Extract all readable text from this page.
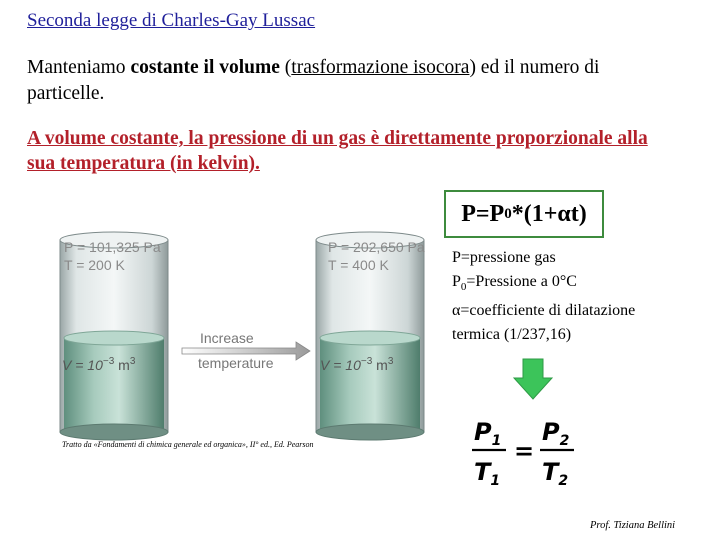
Seconda legge di Charles-Gay Lussac
Manteniamo costante il volume (trasformazione isocora) ed il numero di particelle.
A volume costante, la pressione di un gas è direttamente proporzionale alla sua temperatura (in kelvin).
P = 101,325 Pa
T = 200 K
P = 202,650 Pa
T = 400 K
$V = 10^{-3}$ $m^3$	$V = 10^{-3}$ $m^3$
Increase
temperature
Tratto da «Fondamenti di chimica generale ed organica», II° ed., Ed. Pearson
P=P 0 *(1+αt)
P=pressione gas
$P_0=Pressione$ a 0°C
α=coefficiente di dilatazione
termica (1/237,16)
$P_1$
$T_1$
=
$P_2$
$T_2$
Prof. Tiziana Bellini
